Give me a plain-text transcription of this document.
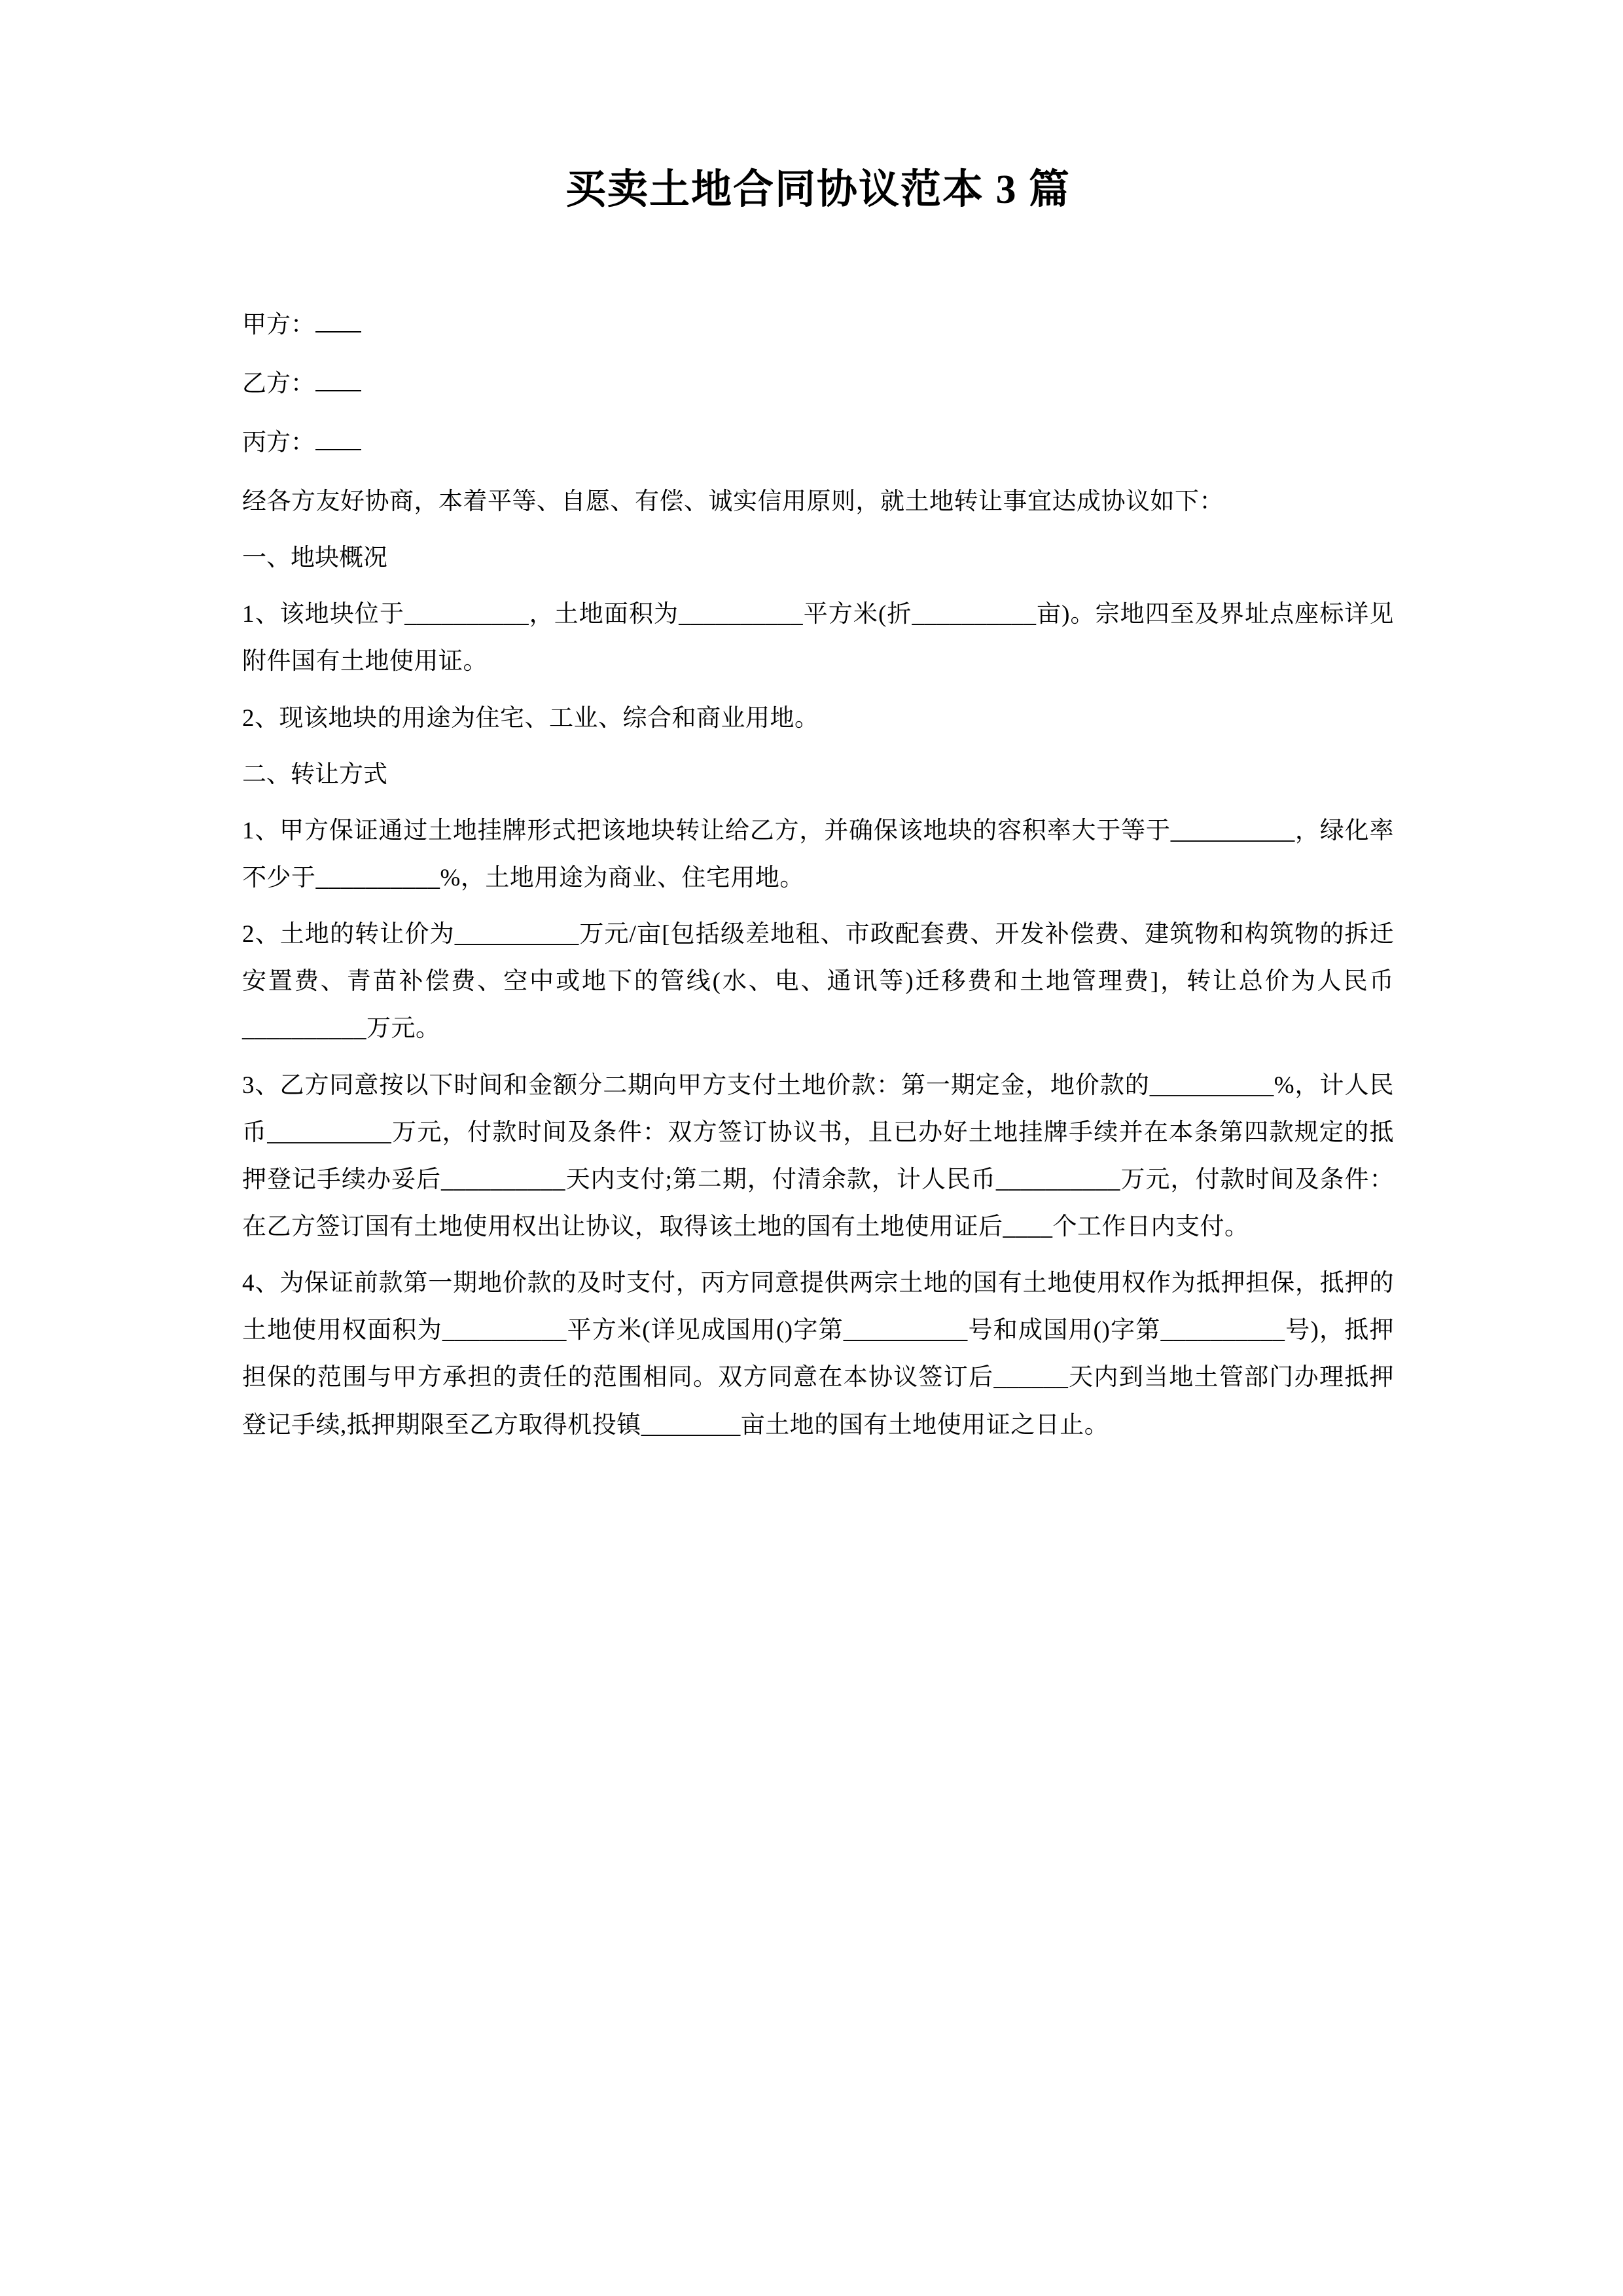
买卖土地合同协议范本 3 篇

甲方：

乙方：

丙方：

经各方友好协商，本着平等、自愿、有偿、诚实信用原则，就土地转让事宜达成协议如下：

一、地块概况

1、该地块位于__________，土地面积为__________平方米(折__________亩)。宗地四至及界址点座标详见附件国有土地使用证。

2、现该地块的用途为住宅、工业、综合和商业用地。

二、转让方式

1、甲方保证通过土地挂牌形式把该地块转让给乙方，并确保该地块的容积率大于等于__________，绿化率不少于__________%，土地用途为商业、住宅用地。

2、土地的转让价为__________万元/亩[包括级差地租、市政配套费、开发补偿费、建筑物和构筑物的拆迁安置费、青苗补偿费、空中或地下的管线(水、电、通讯等)迁移费和土地管理费]，转让总价为人民币__________万元。

3、乙方同意按以下时间和金额分二期向甲方支付土地价款：第一期定金，地价款的__________%，计人民币__________万元，付款时间及条件：双方签订协议书，且已办好土地挂牌手续并在本条第四款规定的抵押登记手续办妥后__________天内支付;第二期，付清余款，计人民币__________万元，付款时间及条件：在乙方签订国有土地使用权出让协议，取得该土地的国有土地使用证后____个工作日内支付。

4、为保证前款第一期地价款的及时支付，丙方同意提供两宗土地的国有土地使用权作为抵押担保，抵押的土地使用权面积为__________平方米(详见成国用()字第__________号和成国用()字第__________号)，抵押担保的范围与甲方承担的责任的范围相同。双方同意在本协议签订后______天内到当地土管部门办理抵押登记手续,抵押期限至乙方取得机投镇________亩土地的国有土地使用证之日止。
